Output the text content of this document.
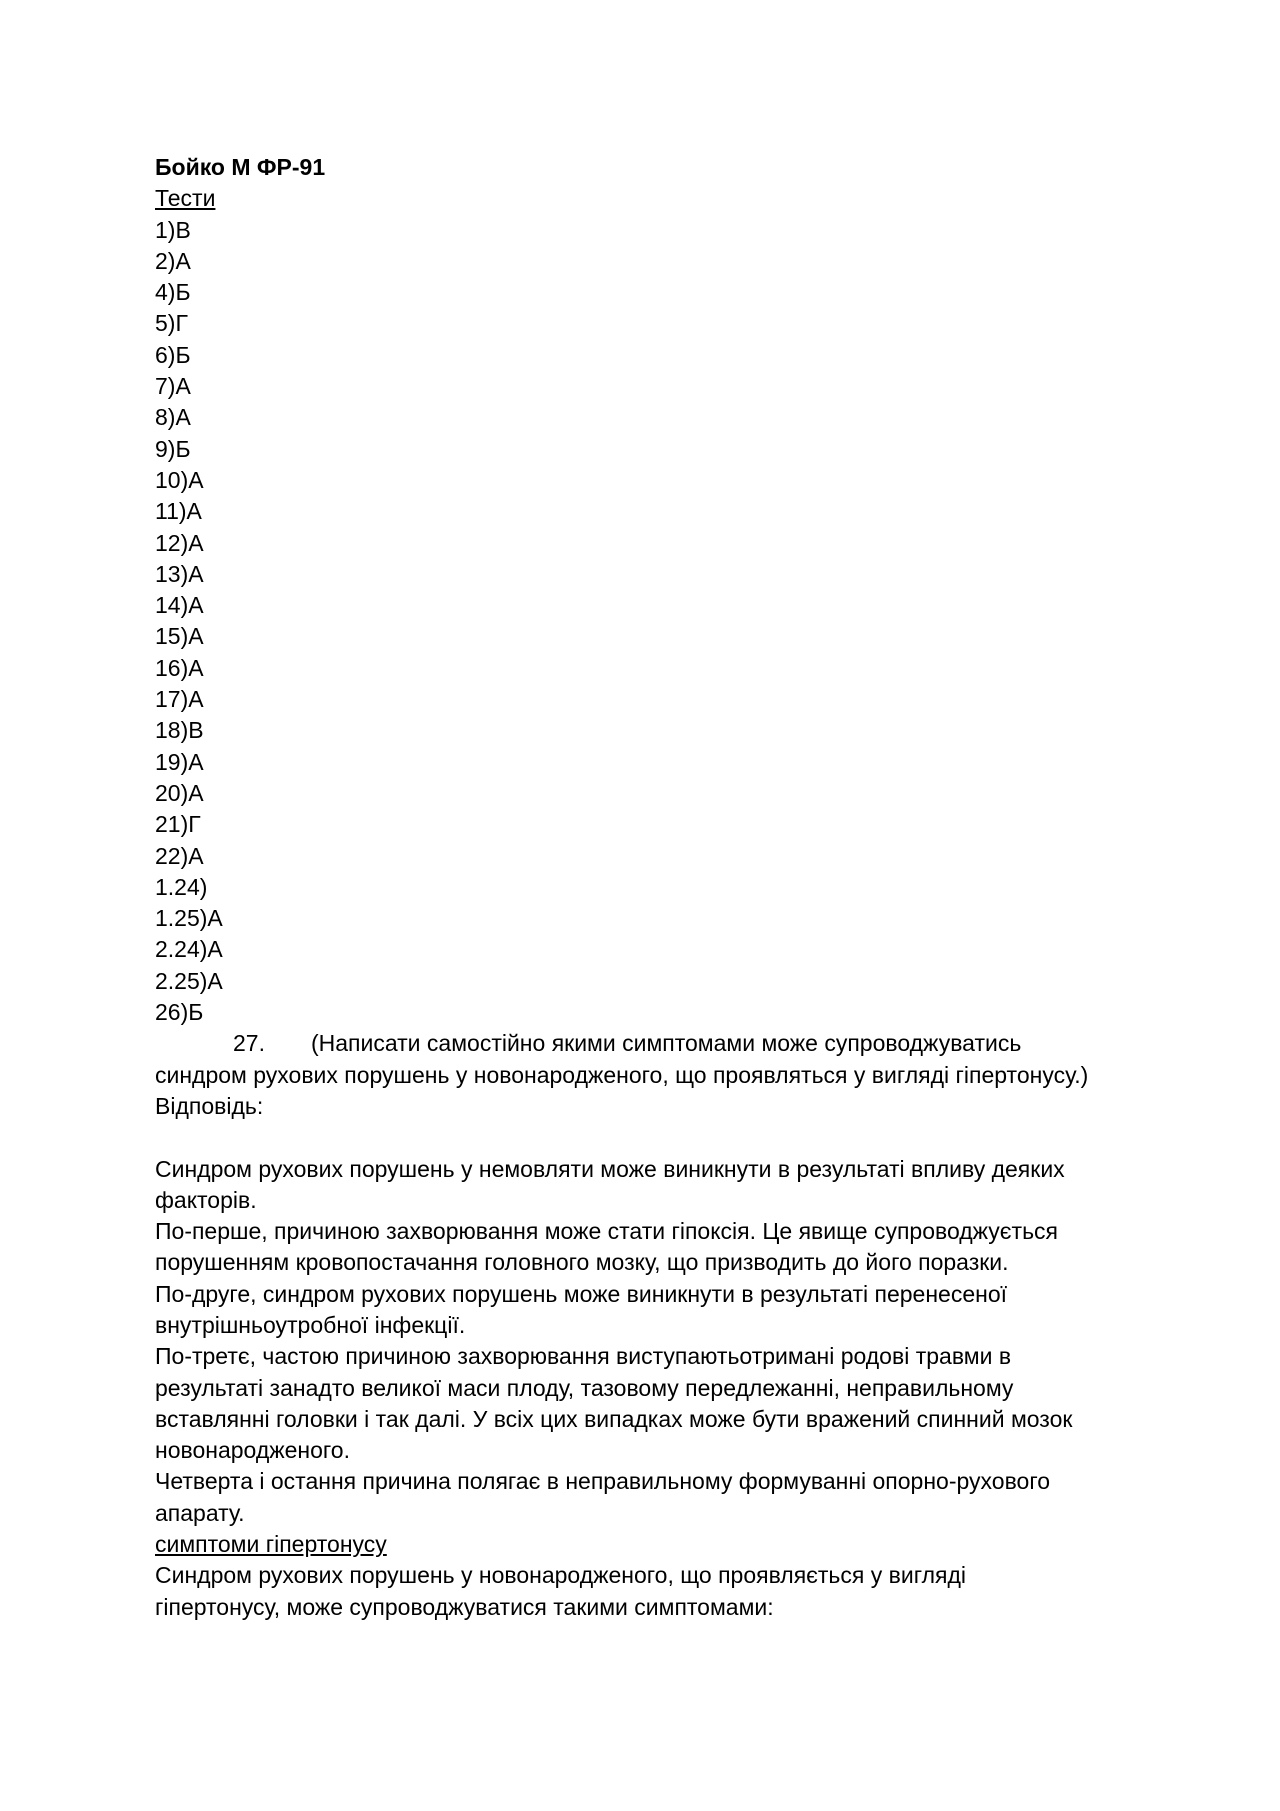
Бойко М ФР-91
Тести
1)В
2)А
4)Б
5)Г
6)Б
7)А
8)А
9)Б
10)А
11)А
12)А
13)А
14)А
15)А
16)А
17)А
18)В
19)А
20)А
21)Г
22)А
1.24)
1.25)А
2.24)А
2.25)А
26)Б
27.	(Написати самостійно якими симптомами може супроводжуватись
синдром рухових порушень у новонародженого, що проявляться у вигляді гіпертонусу.)
Відповідь:
Синдром рухових порушень у немовляти може виникнути в результаті впливу деяких
факторів.
По-перше, причиною захворювання може стати гіпоксія. Це явище супроводжується
порушенням кровопостачання головного мозку, що призводить до його поразки.
По-друге, синдром рухових порушень може виникнути в результаті перенесеної
внутрішньоутробної інфекції.
По-третє, частою причиною захворювання виступаютьотримані родові травми в
результаті занадто великої маси плоду, тазовому передлежанні, неправильному
вставлянні головки і так далі. У всіх цих випадках може бути вражений спинний мозок
новонародженого.
Четверта і остання причина полягає в неправильному формуванні опорно-рухового
апарату.
симптоми гіпертонусу
Синдром рухових порушень у новонародженого, що проявляється у вигляді
гіпертонусу, може супроводжуватися такими симптомами:
